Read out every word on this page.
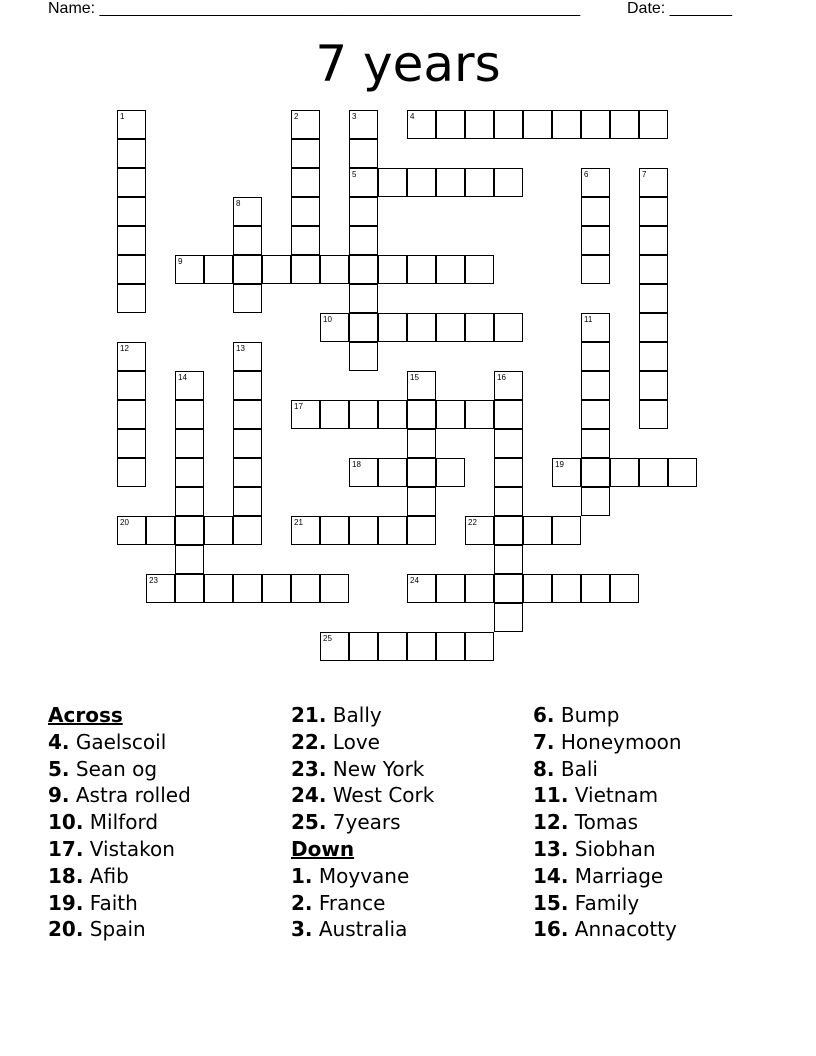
Name: ______________________________________________________	Date: _______
7 years
1	2	3
5
4
6	7
8
9
10	11
12	13
14	15	16
17
18	19
20	21	22
23	24
25
Across
4. Gaelscoil
5. Sean og
9. Astra rolled
10. Milford
17. Vistakon
18. Afib
19. Faith
20. Spain
21. Bally
22. Love
23. New York
24. West Cork
25. 7years
Down
1. Moyvane
2. France
3. Australia
6. Bump
7. Honeymoon
8. Bali
11. Vietnam
12. Tomas
13. Siobhan
14. Marriage
15. Family
16. Annacotty
